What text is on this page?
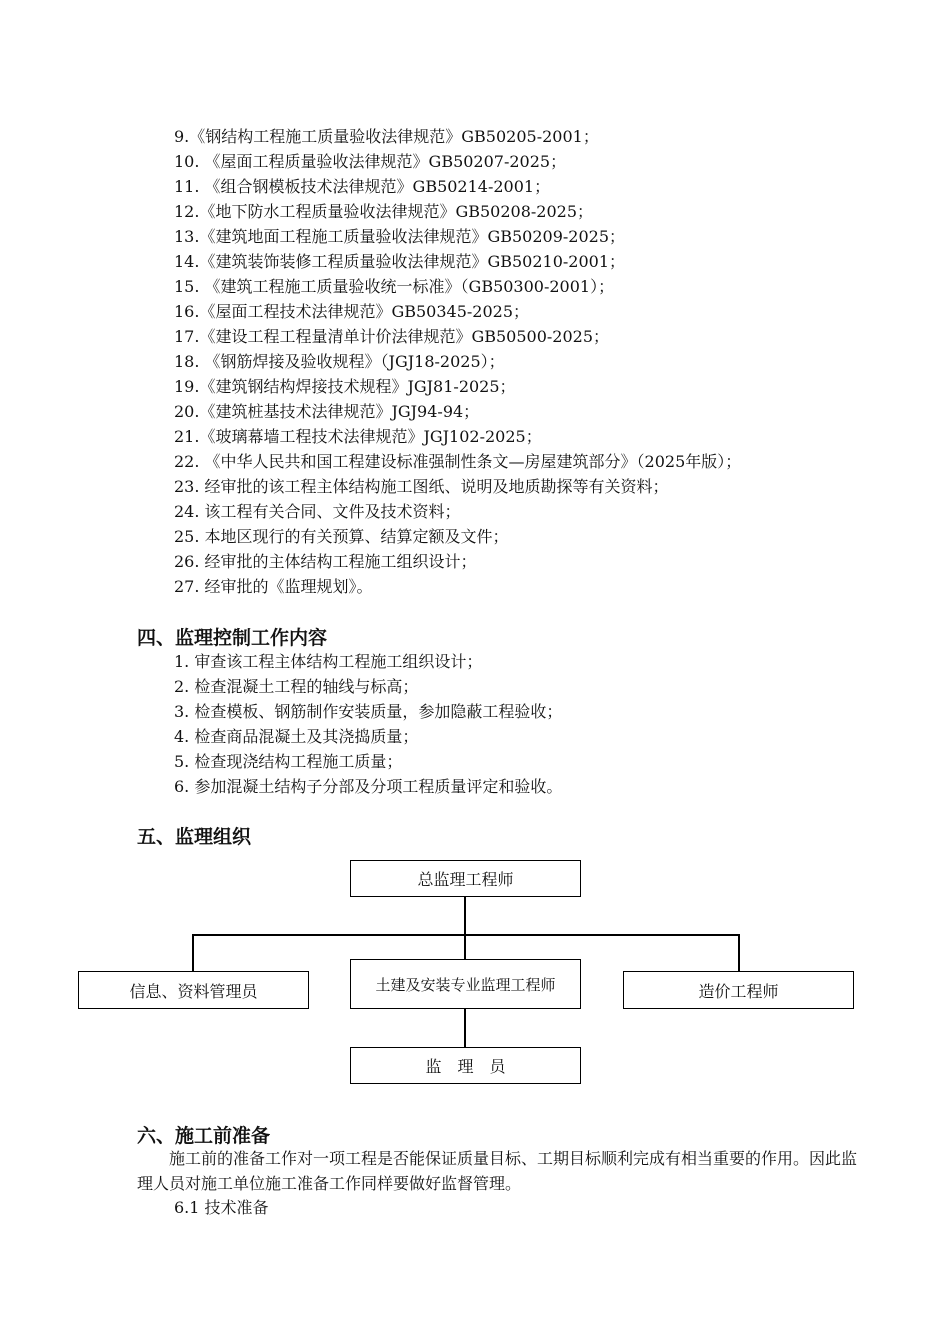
9.《钢结构工程施工质量验收法律规范》GB50205-2001；
10. 《屋面工程质量验收法律规范》GB50207-2025；
11. 《组合钢模板技术法律规范》GB50214-2001；
12.《地下防水工程质量验收法律规范》GB50208-2025；
13.《建筑地面工程施工质量验收法律规范》GB50209-2025；
14.《建筑装饰装修工程质量验收法律规范》GB50210-2001；
15. 《建筑工程施工质量验收统一标准》（GB50300-2001）；
16.《屋面工程技术法律规范》GB50345-2025；
17.《建设工程工程量清单计价法律规范》GB50500-2025；
18. 《钢筋焊接及验收规程》（JGJ18-2025）；
19.《建筑钢结构焊接技术规程》JGJ81-2025；
20.《建筑桩基技术法律规范》JGJ94-94；
21.《玻璃幕墙工程技术法律规范》JGJ102-2025；
22. 《中华人民共和国工程建设标准强制性条文—房屋建筑部分》（2025年版）；
23. 经审批的该工程主体结构施工图纸、说明及地质勘探等有关资料；
24. 该工程有关合同、文件及技术资料；
25. 本地区现行的有关预算、结算定额及文件；
26. 经审批的主体结构工程施工组织设计；
27. 经审批的《监理规划》。
四、监理控制工作内容
1. 审查该工程主体结构工程施工组织设计；
2. 检查混凝土工程的轴线与标高；
3. 检查模板、钢筋制作安装质量，参加隐蔽工程验收；
4. 检查商品混凝土及其浇捣质量；
5. 检查现浇结构工程施工质量；
6. 参加混凝土结构子分部及分项工程质量评定和验收。
五、监理组织
总监理工程师
信息、资料管理员	土建及安装专业监理工程师	造价工程师
监　理　员
六、施工前准备
　　施工前的准备工作对一项工程是否能保证质量目标、工期目标顺利完成有相当重要的作用。因此监理人员对施工单位施工准备工作同样要做好监督管理。
6.1 技术准备
